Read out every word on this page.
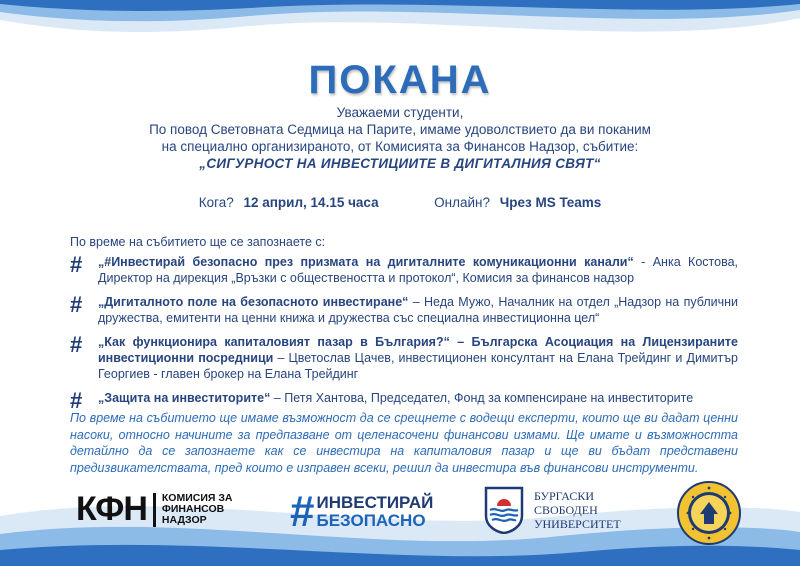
ПОКАНА
Уважаеми студенти,
По повод Световната Седмица на Парите, имаме удоволствието да ви поканим
на специално организираното, от Комисията за Финансов Надзор, събитие:
„СИГУРНОСТ НА ИНВЕСТИЦИИТЕ В ДИГИТАЛНИЯ СВЯТ“
Кога? 12 април, 14.15 часа	Онлайн? Чрез MS Teams
По време на събитието ще се запознаете с:
#	„#Инвестирай безопасно през призмата на дигиталните комуникационни канали“ - Анка Костова, Директор на дирекция „Връзки с обществеността и протокол“, Комисия за финансов надзор
#	„Дигиталното поле на безопасното инвестиране“ – Неда Мужо, Началник на отдел „Надзор на публични дружества, емитенти на ценни книжа и дружества със специална инвестиционна цел“
#	„Как функционира капиталовият пазар в България?“ – Българска Асоциация на Лицензираните инвестиционни посредници – Цветослав Цачев, инвестиционен консултант на Елана Трейдинг и Димитър Георгиев - главен брокер на Елана Трейдинг
#	„Защита на инвеститорите“ – Петя Хантова, Председател, Фонд за компенсиране на инвеститорите
По време на събитието ще имаме възможност да се срещнете с водещи експерти, които ще ви дадат ценни насоки, относно начините за предпазване от целенасочени финансови измами. Ще имате и възможността детайлно да се запознаете как се инвестира на капиталовия пазар и ще ви бъдат представени предизвикателствата, пред които е изправен всеки, решил да инвестира във финансови инструменти.
КФН КОМИСИЯ ЗА
ФИНАНСОВ
НАДЗОР	# ИНВЕСТИРАЙ
БЕЗОПАСНО
БУРГАСКИ
СВОБОДЕН
УНИВЕРСИТЕТ
